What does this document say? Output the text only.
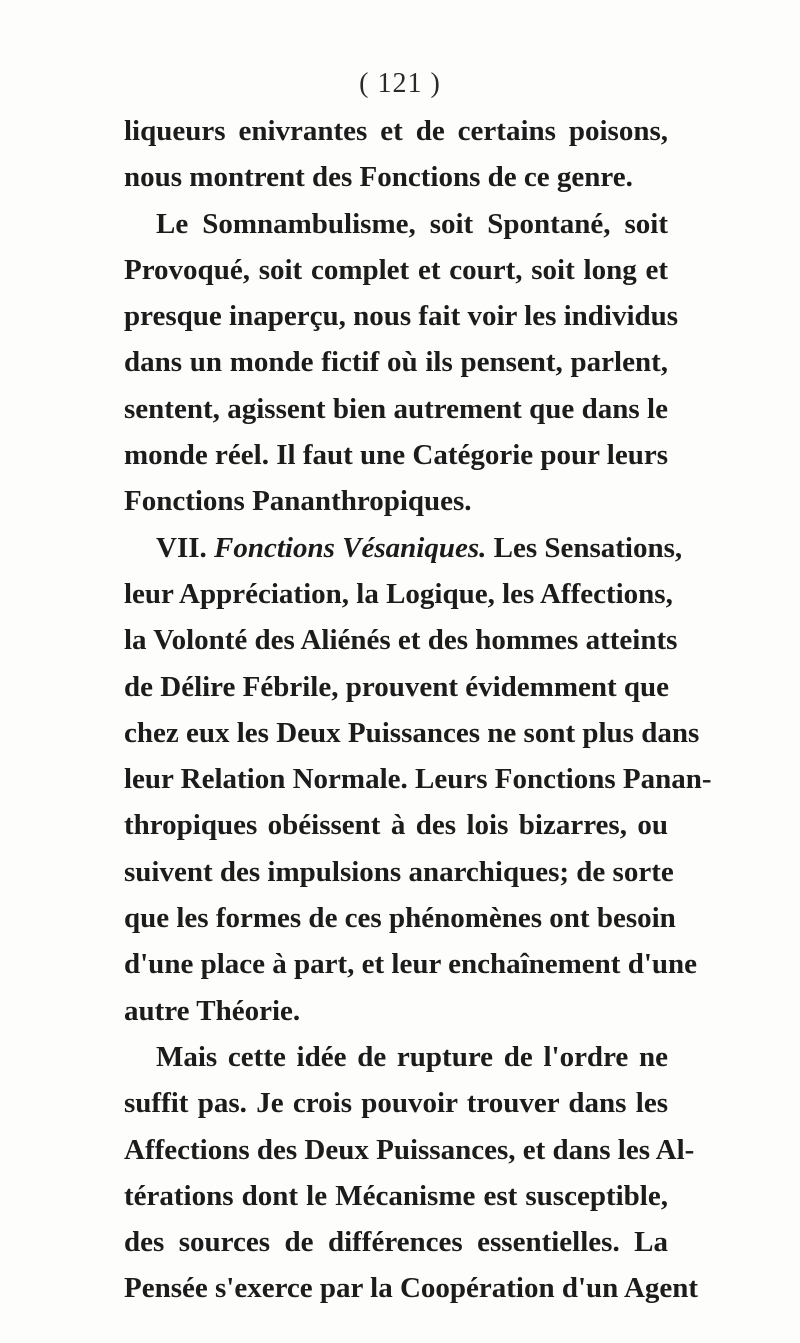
( 121 )
liqueurs enivrantes et de certains poisons,
nous montrent des Fonctions de ce genre.
Le Somnambulisme, soit Spontané, soit
Provoqué, soit complet et court, soit long et
presque inaperçu, nous fait voir les individus
dans un monde fictif où ils pensent, parlent,
sentent, agissent bien autrement que dans le
monde réel. Il faut une Catégorie pour leurs
Fonctions Pananthropiques.
VII. Fonctions Vésaniques. Les Sensations,
leur Appréciation, la Logique, les Affections,
la Volonté des Aliénés et des hommes atteints
de Délire Fébrile, prouvent évidemment que
chez eux les Deux Puissances ne sont plus dans
leur Relation Normale. Leurs Fonctions Panan-
thropiques obéissent à des lois bizarres, ou
suivent des impulsions anarchiques; de sorte
que les formes de ces phénomènes ont besoin
d'une place à part, et leur enchaînement d'une
autre Théorie.
Mais cette idée de rupture de l'ordre ne
suffit pas. Je crois pouvoir trouver dans les
Affections des Deux Puissances, et dans les Al-
térations dont le Mécanisme est susceptible,
des sources de différences essentielles. La
Pensée s'exerce par la Coopération d'un Agent
